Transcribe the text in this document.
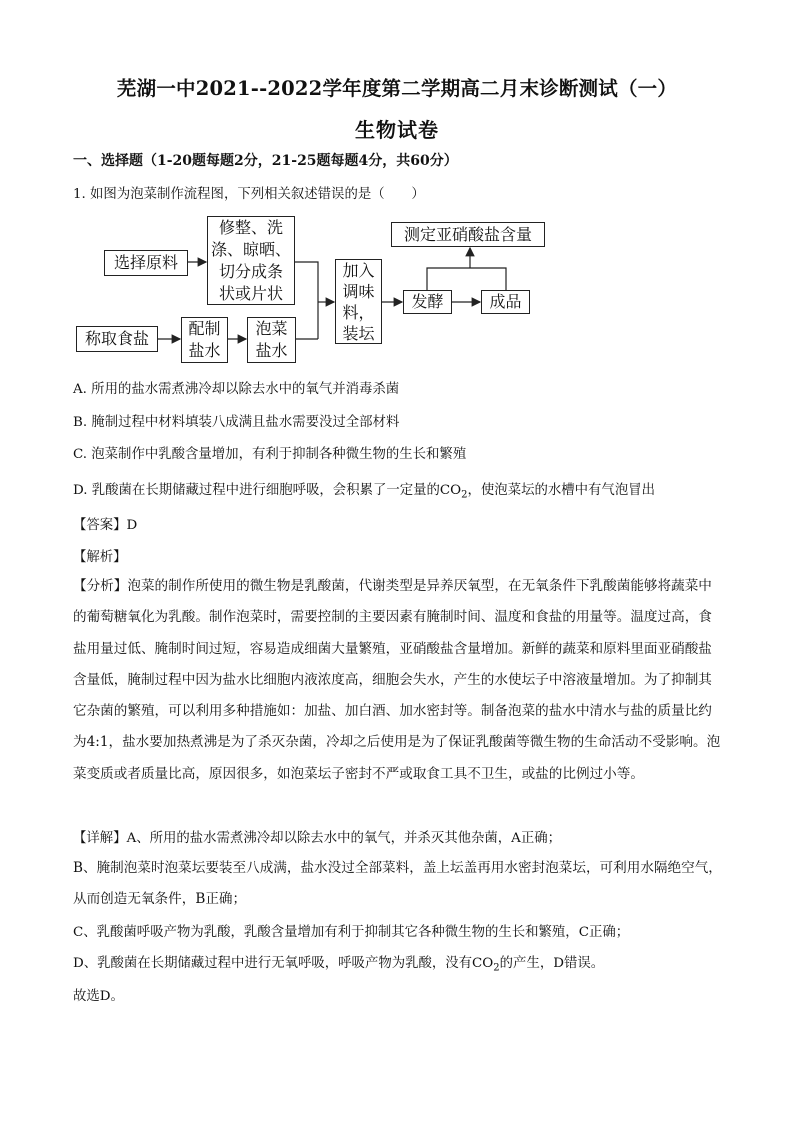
芜湖一中2021--2022学年度第二学期高二月末诊断测试（一）
生物试卷

一、选择题（1-20题每题2分，21-25题每题4分，共60分）

1. 如图为泡菜制作流程图，下列相关叙述错误的是（　　）

选择原料
修整、洗
涤、晾晒、
切分成条
状或片状
称取食盐
配制
盐水
泡菜
盐水
加入
调味
料，
装坛
发酵	成品
测定亚硝酸盐含量

A. 所用的盐水需煮沸冷却以除去水中的氧气并消毒杀菌

B. 腌制过程中材料填装八成满且盐水需要没过全部材料

C. 泡菜制作中乳酸含量增加，有利于抑制各种微生物的生长和繁殖

D. 乳酸菌在长期储藏过程中进行细胞呼吸，会积累了一定量的$CO_2$，使泡菜坛的水槽中有气泡冒出

【答案】D

【解析】

【分析】泡菜的制作所使用的微生物是乳酸菌，代谢类型是异养厌氧型，在无氧条件下乳酸菌能够将蔬菜中的葡萄糖氧化为乳酸。制作泡菜时，需要控制的主要因素有腌制时间、温度和食盐的用量等。温度过高，食盐用量过低、腌制时间过短，容易造成细菌大量繁殖，亚硝酸盐含量增加。新鲜的蔬菜和原料里面亚硝酸盐含量低，腌制过程中因为盐水比细胞内液浓度高，细胞会失水，产生的水使坛子中溶液量增加。为了抑制其它杂菌的繁殖，可以利用多种措施如：加盐、加白酒、加水密封等。制备泡菜的盐水中清水与盐的质量比约为4:1，盐水要加热煮沸是为了杀灭杂菌，冷却之后使用是为了保证乳酸菌等微生物的生命活动不受影响。泡菜变质或者质量比高，原因很多，如泡菜坛子密封不严或取食工具不卫生，或盐的比例过小等。

【详解】A、所用的盐水需煮沸冷却以除去水中的氧气，并杀灭其他杂菌，A正确；

B、腌制泡菜时泡菜坛要装至八成满，盐水没过全部菜料，盖上坛盖再用水密封泡菜坛，可利用水隔绝空气，从而创造无氧条件，B正确；

C、乳酸菌呼吸产物为乳酸，乳酸含量增加有利于抑制其它各种微生物的生长和繁殖，C正确；

D、乳酸菌在长期储藏过程中进行无氧呼吸，呼吸产物为乳酸，没有$CO_2$的产生，D错误。

故选D。
